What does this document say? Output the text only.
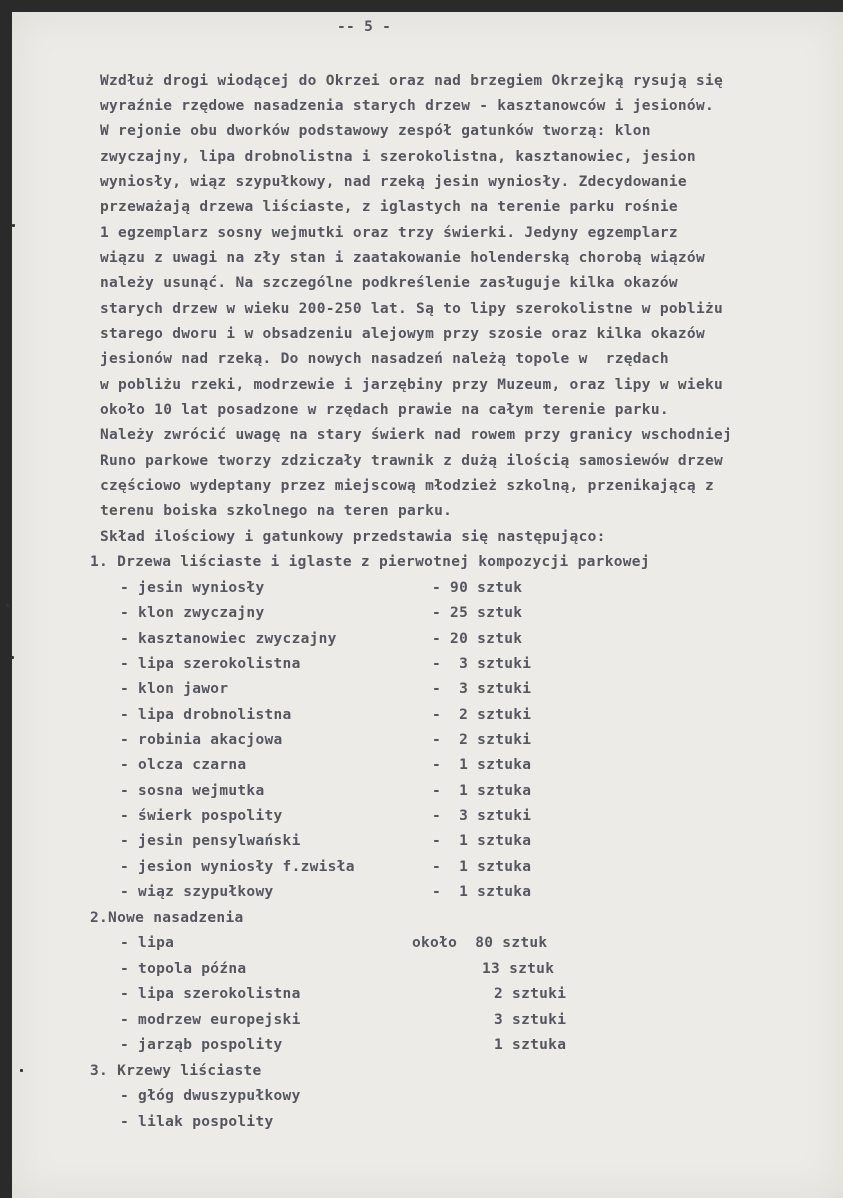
-- 5 -
Wzdłuż drogi wiodącej do Okrzei oraz nad brzegiem Okrzejką rysują się
wyraźnie rzędowe nasadzenia starych drzew - kasztanowców i jesionów.
W rejonie obu dworków podstawowy zespół gatunków tworzą: klon
zwyczajny, lipa drobnolistna i szerokolistna, kasztanowiec, jesion
wyniosły, wiąz szypułkowy, nad rzeką jesin wyniosły. Zdecydowanie
przeważają drzewa liściaste, z iglastych na terenie parku rośnie
1 egzemplarz sosny wejmutki oraz trzy świerki. Jedyny egzemplarz
wiązu z uwagi na zły stan i zaatakowanie holenderską chorobą wiązów
należy usunąć. Na szczególne podkreślenie zasługuje kilka okazów
starych drzew w wieku 200-250 lat. Są to lipy szerokolistne w pobliżu
starego dworu i w obsadzeniu alejowym przy szosie oraz kilka okazów
jesionów nad rzeką. Do nowych nasadzeń należą topole w  rzędach
w pobliżu rzeki, modrzewie i jarzębiny przy Muzeum, oraz lipy w wieku
około 10 lat posadzone w rzędach prawie na całym terenie parku.
Należy zwrócić uwagę na stary świerk nad rowem przy granicy wschodniej
Runo parkowe tworzy zdziczały trawnik z dużą ilością samosiewów drzew
częściowo wydeptany przez miejscową młodzież szkolną, przenikającą z
terenu boiska szkolnego na teren parku.
Skład ilościowy i gatunkowy przedstawia się następująco:
1. Drzewa liściaste i iglaste z pierwotnej kompozycji parkowej
- jesin wyniosły	- 90 sztuk
- klon zwyczajny	- 25 sztuk
- kasztanowiec zwyczajny	- 20 sztuk
- lipa szerokolistna	-  3 sztuki
- klon jawor	-  3 sztuki
- lipa drobnolistna	-  2 sztuki
- robinia akacjowa	-  2 sztuki
- olcza czarna	-  1 sztuka
- sosna wejmutka	-  1 sztuka
- świerk pospolity	-  3 sztuki
- jesin pensylwański	-  1 sztuka
- jesion wyniosły f.zwisła	-  1 sztuka
- wiąz szypułkowy	-  1 sztuka
2.Nowe nasadzenia
- lipa	około  80 sztuk
- topola późna	13 sztuk
- lipa szerokolistna	2 sztuki
- modrzew europejski	3 sztuki
- jarząb pospolity	1 sztuka
3. Krzewy liściaste
- głóg dwuszypułkowy
- lilak pospolity
